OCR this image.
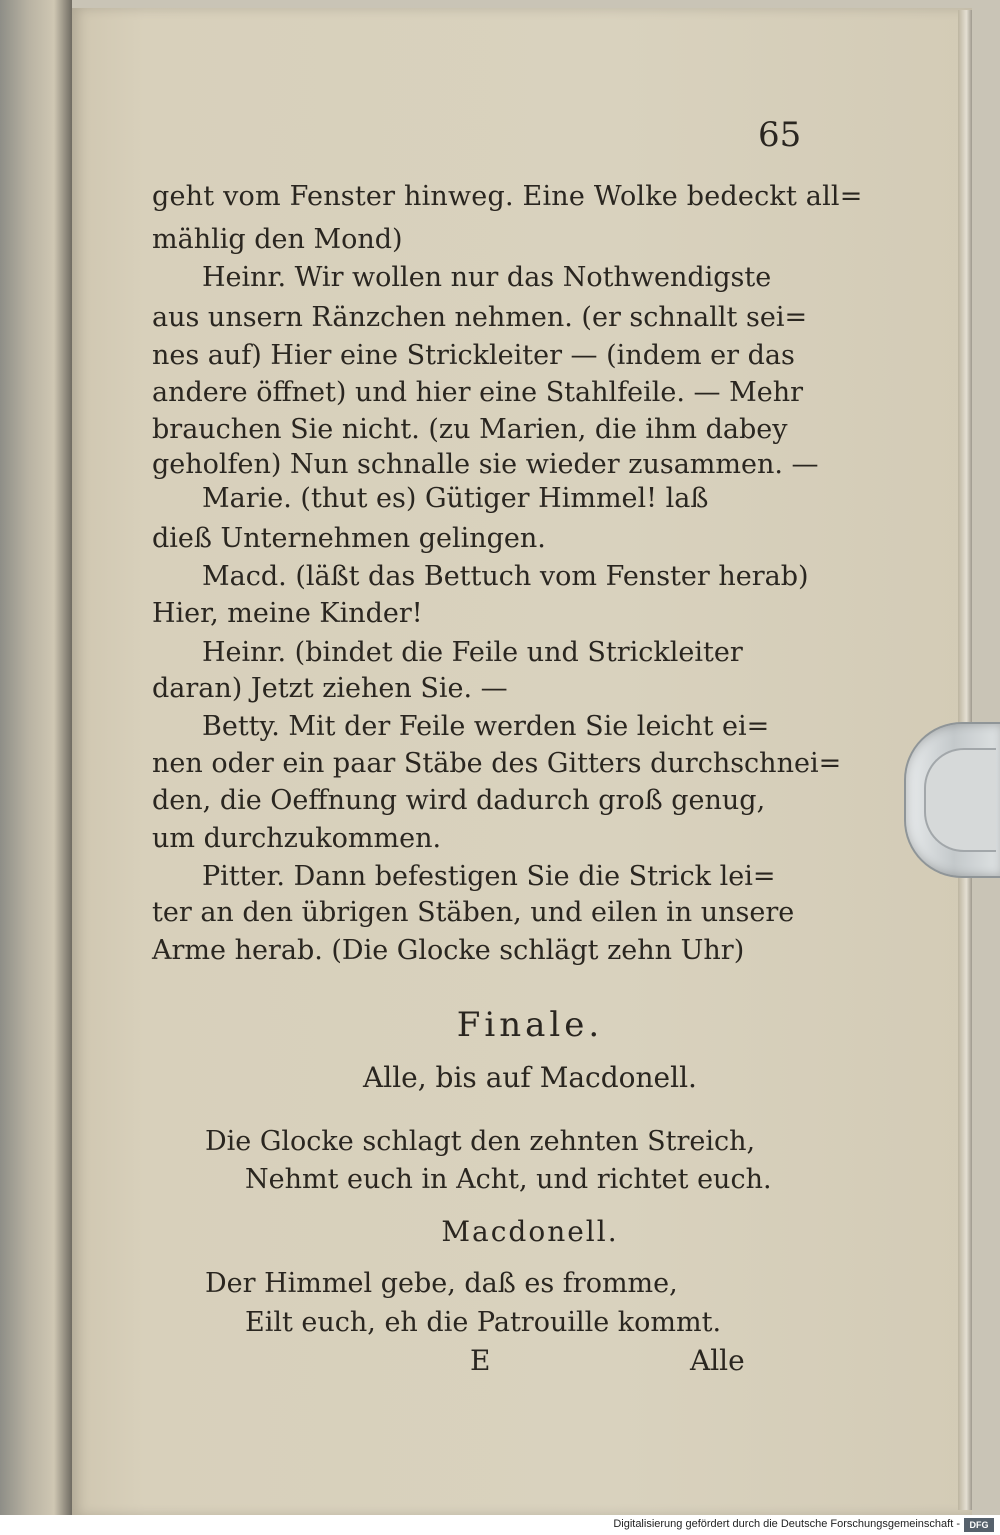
65
geht vom Fenster hinweg. Eine Wolke bedeckt all=
mählig den Mond)
Heinr. Wir wollen nur das Nothwendigste
aus unsern Ränzchen nehmen. (er schnallt sei=
nes auf) Hier eine Strickleiter — (indem er das
andere öffnet) und hier eine Stahlfeile. — Mehr
brauchen Sie nicht. (zu Marien, die ihm dabey
geholfen) Nun schnalle sie wieder zusammen. —
Marie. (thut es) Gütiger Himmel! laß
dieß Unternehmen gelingen.
Macd. (läßt das Bettuch vom Fenster herab)
Hier, meine Kinder!
Heinr. (bindet die Feile und Strickleiter
daran) Jetzt ziehen Sie. —
Betty. Mit der Feile werden Sie leicht ei=
nen oder ein paar Stäbe des Gitters durchschnei=
den, die Oeffnung wird dadurch groß genug,
um durchzukommen.
Pitter. Dann befestigen Sie die Strick lei=
ter an den übrigen Stäben, und eilen in unsere
Arme herab. (Die Glocke schlägt zehn Uhr)
Finale.
Alle, bis auf Macdonell.
Die Glocke schlagt den zehnten Streich,
Nehmt euch in Acht, und richtet euch.
Macdonell.
Der Himmel gebe, daß es fromme,
Eilt euch, eh die Patrouille kommt.
E	Alle
Digitalisierung gefördert durch die Deutsche Forschungsgemeinschaft -	DFG
